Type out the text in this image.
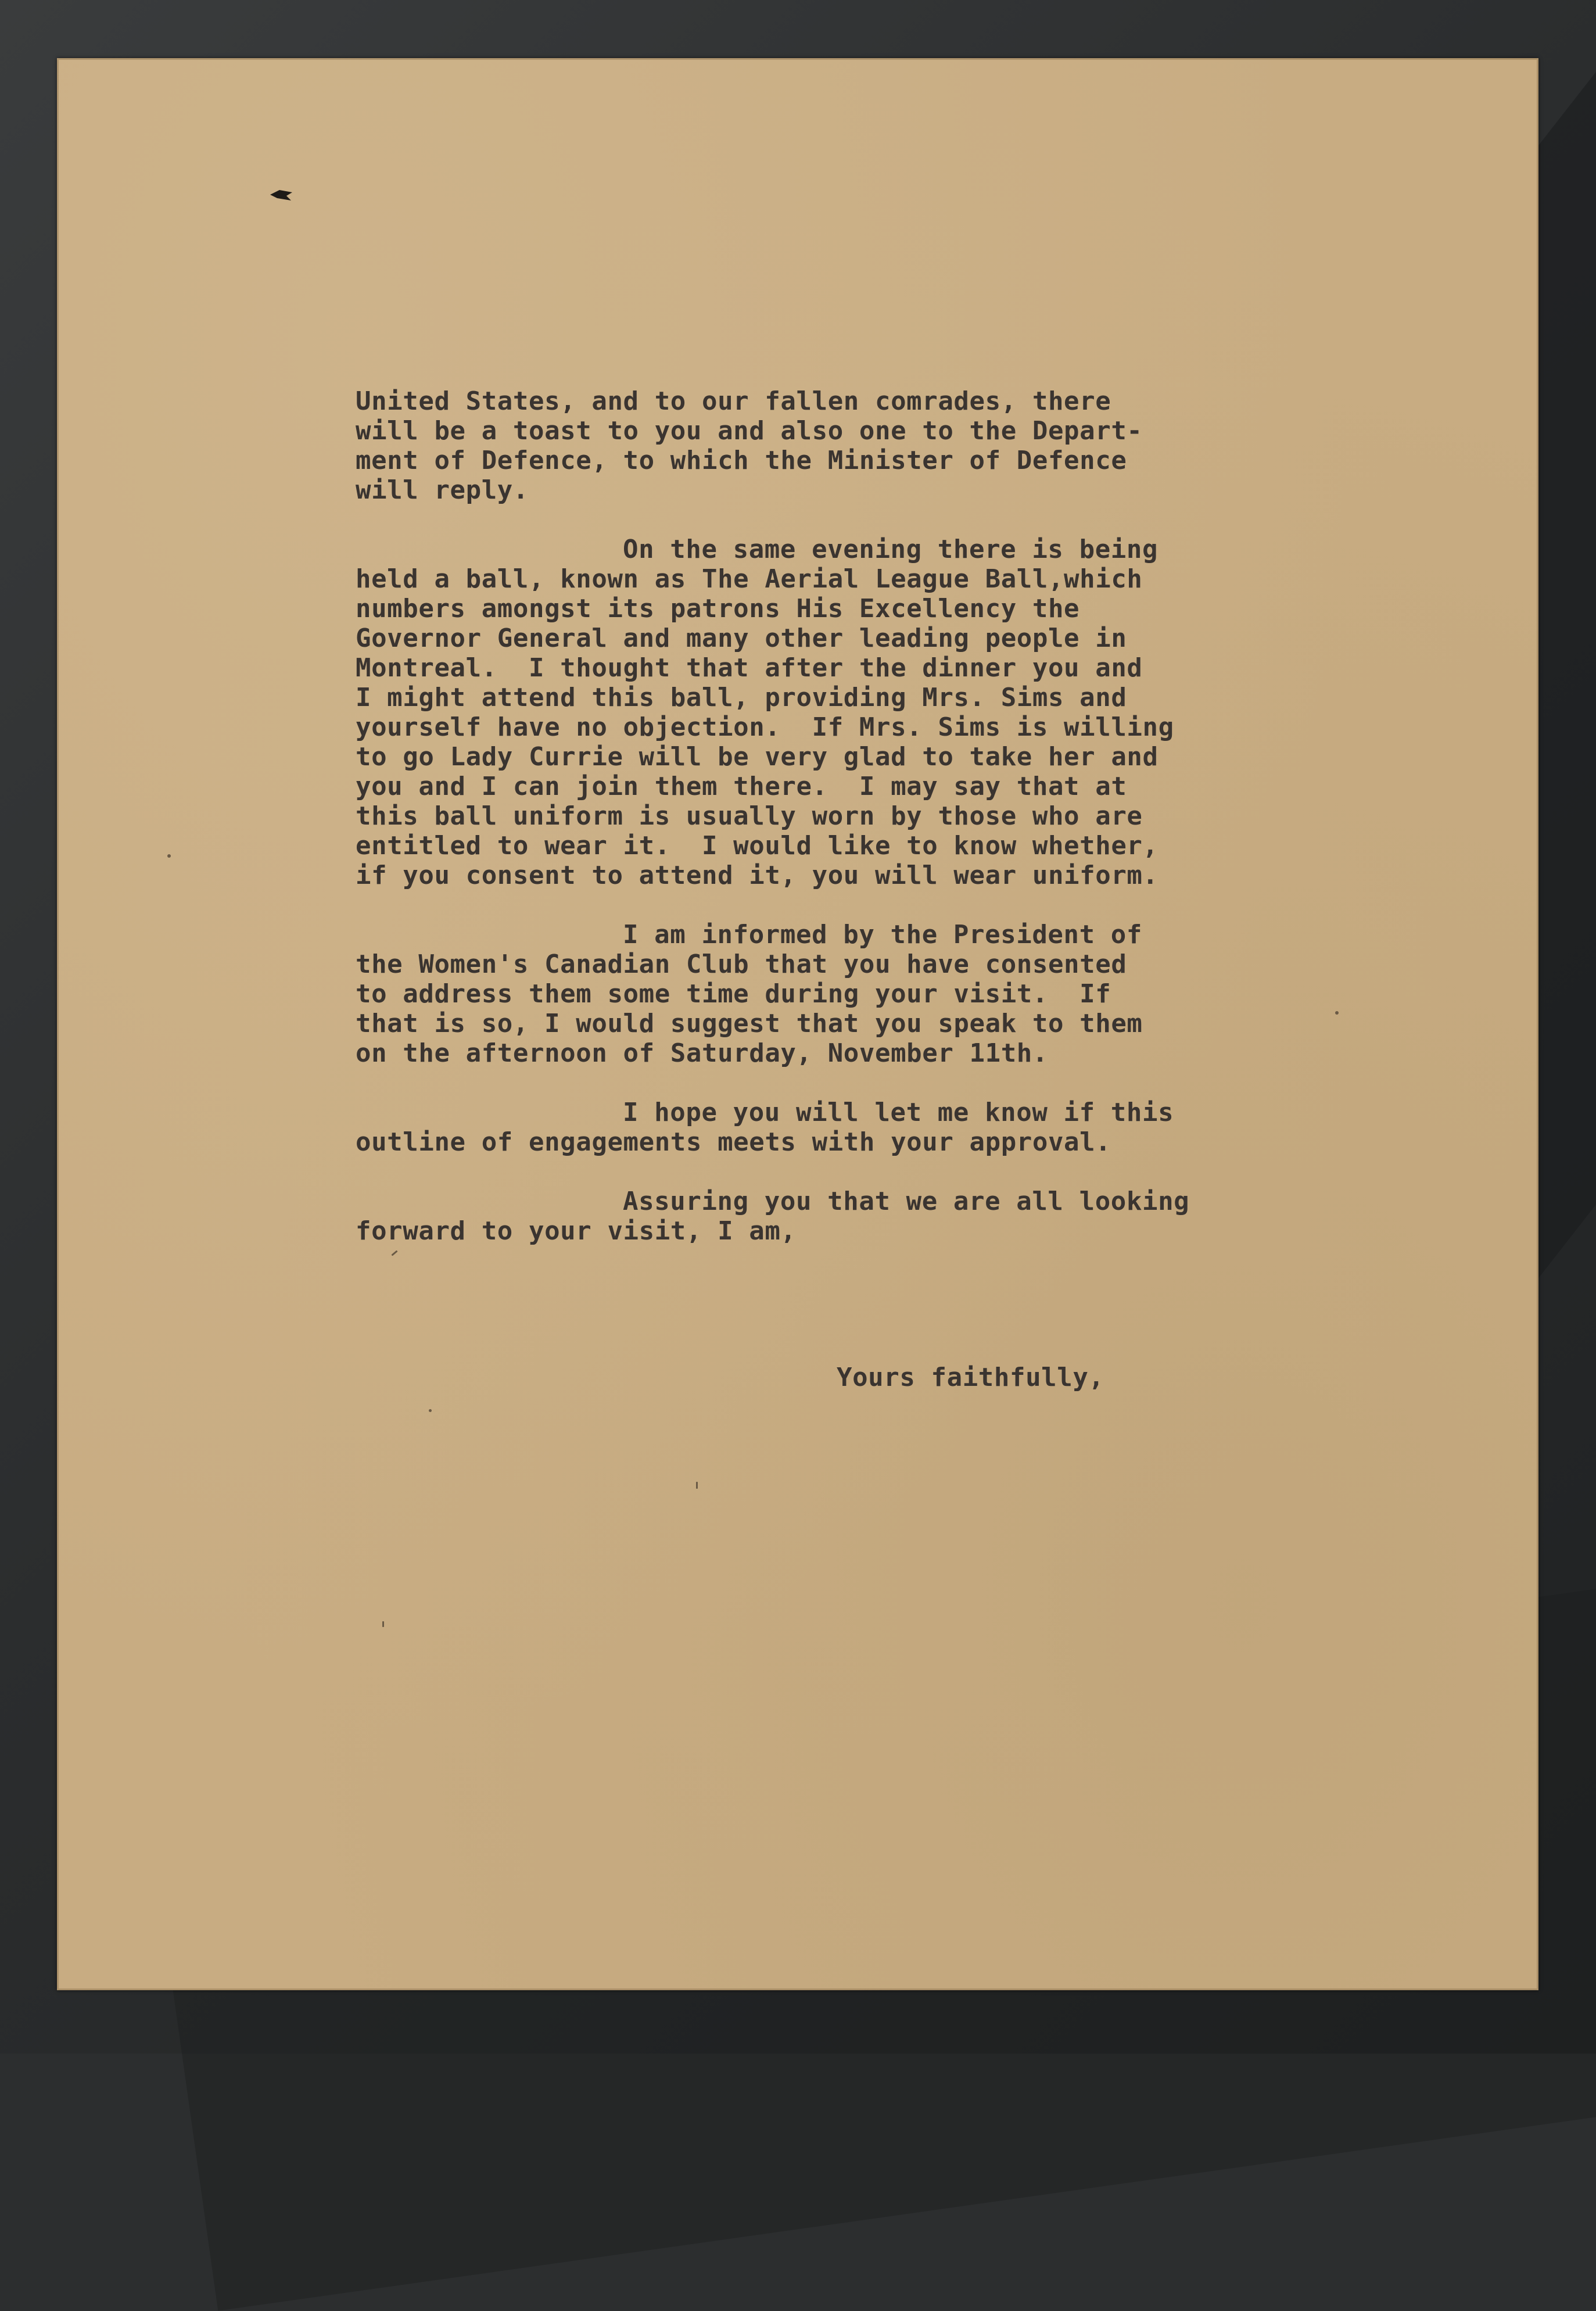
United States, and to our fallen comrades, there
will be a toast to you and also one to the Depart-
ment of Defence, to which the Minister of Defence
will reply.
On the same evening there is being
held a ball, known as The Aerial League Ball,which
numbers amongst its patrons His Excellency the
Governor General and many other leading people in
Montreal.  I thought that after the dinner you and
I might attend this ball, providing Mrs. Sims and
yourself have no objection.  If Mrs. Sims is willing
to go Lady Currie will be very glad to take her and
you and I can join them there.  I may say that at
this ball uniform is usually worn by those who are
entitled to wear it.  I would like to know whether,
if you consent to attend it, you will wear uniform.
I am informed by the President of
the Women's Canadian Club that you have consented
to address them some time during your visit.  If
that is so, I would suggest that you speak to them
on the afternoon of Saturday, November 11th.
I hope you will let me know if this
outline of engagements meets with your approval.
Assuring you that we are all looking
forward to your visit, I am,
Yours faithfully,
